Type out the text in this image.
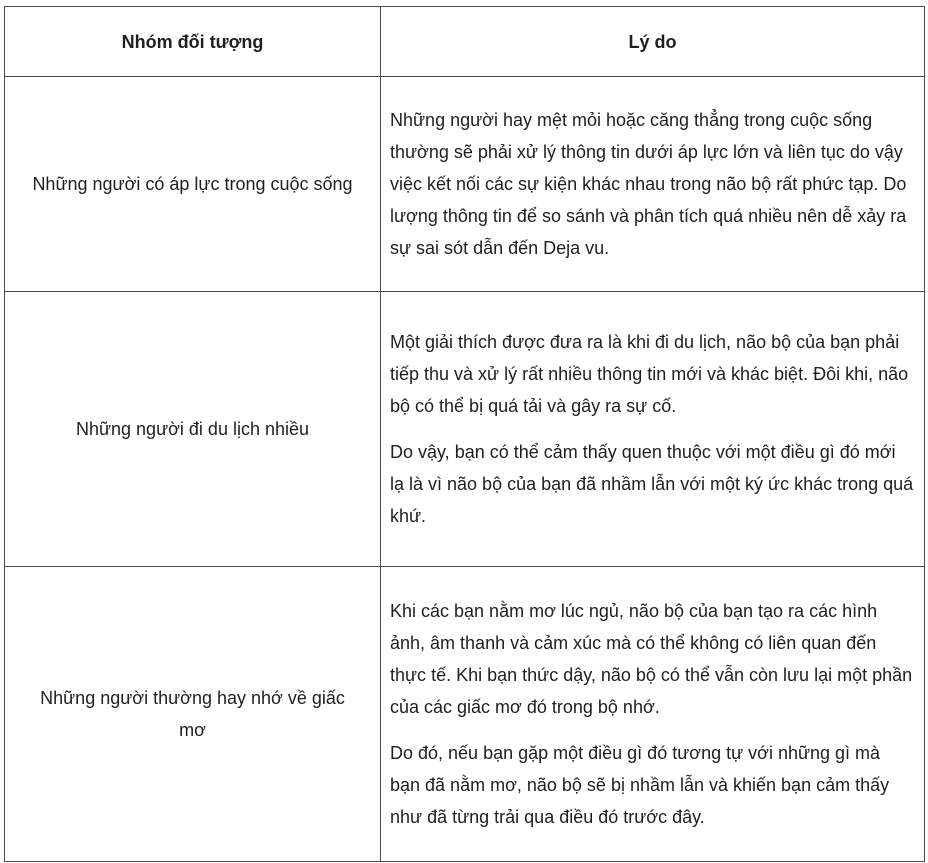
Nhóm đối tượng	Lý do
Những người có áp lực trong cuộc sống	Những người hay mệt mỏi hoặc căng thẳng trong cuộc sống thường sẽ phải xử lý thông tin dưới áp lực lớn và liên tục do vậy việc kết nối các sự kiện khác nhau trong não bộ rất phức tạp. Do lượng thông tin để so sánh và phân tích quá nhiều nên dễ xảy ra sự sai sót dẫn đến Deja vu.

Những người đi du lịch nhiều	Một giải thích được đưa ra là khi đi du lịch, não bộ của bạn phải tiếp thu và xử lý rất nhiều thông tin mới và khác biệt. Đôi khi, não bộ có thể bị quá tải và gây ra sự cố.

Do vậy, bạn có thể cảm thấy quen thuộc với một điều gì đó mới lạ là vì não bộ của bạn đã nhầm lẫn với một ký ức khác trong quá khứ.

Những người thường hay nhớ về giấc mơ	Khi các bạn nằm mơ lúc ngủ, não bộ của bạn tạo ra các hình ảnh, âm thanh và cảm xúc mà có thể không có liên quan đến thực tế. Khi bạn thức dậy, não bộ có thể vẫn còn lưu lại một phần của các giấc mơ đó trong bộ nhớ.

Do đó, nếu bạn gặp một điều gì đó tương tự với những gì mà bạn đã nằm mơ, não bộ sẽ bị nhầm lẫn và khiến bạn cảm thấy như đã từng trải qua điều đó trước đây.
